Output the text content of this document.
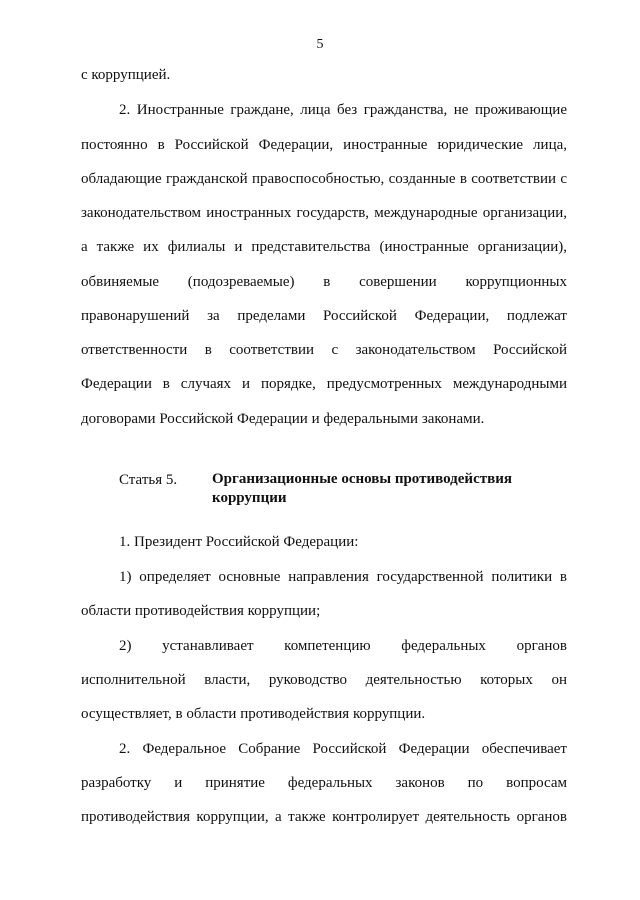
5
с коррупцией.
2. Иностранные граждане, лица без гражданства, не проживающие
постоянно в Российской Федерации, иностранные юридические лица,
обладающие гражданской правоспособностью, созданные в соответствии с
законодательством иностранных государств, международные организации,
а также их филиалы и представительства (иностранные организации),
обвиняемые (подозреваемые) в совершении коррупционных
правонарушений за пределами Российской Федерации, подлежат
ответственности в соответствии с законодательством Российской
Федерации в случаях и порядке, предусмотренных международными
договорами Российской Федерации и федеральными законами.
Статья 5. Организационные основы противодействия
коррупции
1. Президент Российской Федерации:
1) определяет основные направления государственной политики в
области противодействия коррупции;
2) устанавливает компетенцию федеральных органов
исполнительной власти, руководство деятельностью которых он
осуществляет, в области противодействия коррупции.
2. Федеральное Собрание Российской Федерации обеспечивает
разработку и принятие федеральных законов по вопросам
противодействия коррупции, а также контролирует деятельность органов
